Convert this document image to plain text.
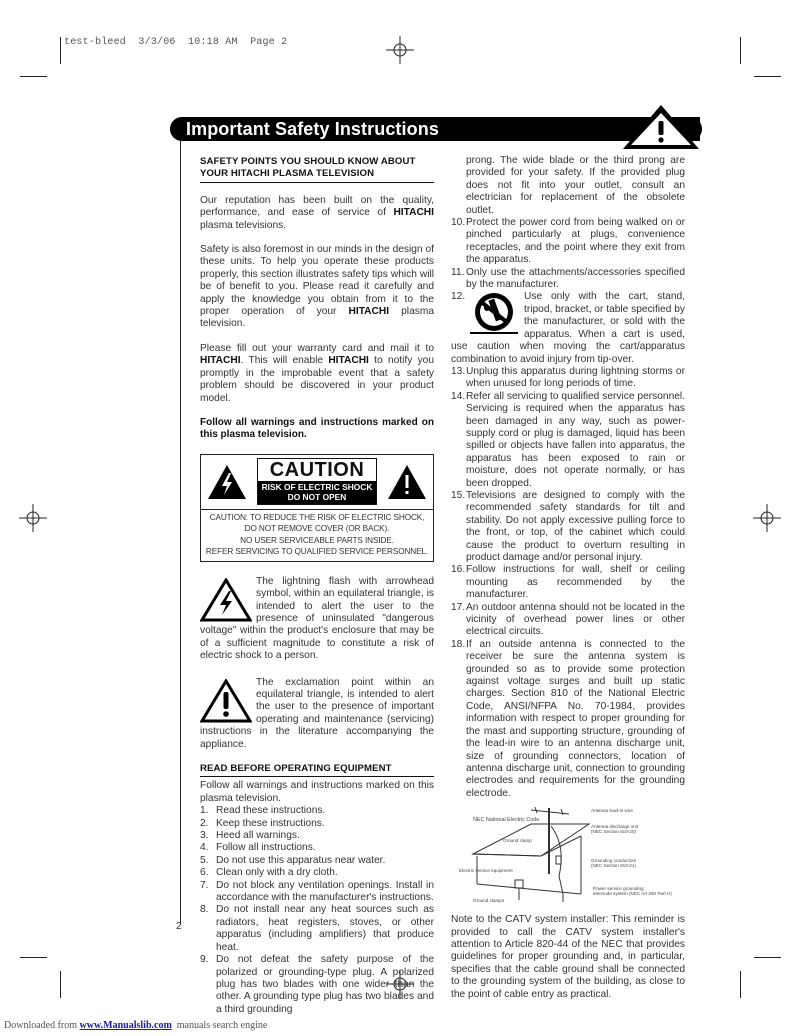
test-bleed 3/3/06 10:18 AM Page 2
Important Safety Instructions
2
SAFETY POINTS YOU SHOULD KNOW ABOUT YOUR HITACHI PLASMA TELEVISION

Our reputation has been built on the quality, performance, and ease of service of HITACHI plasma televisions.

Safety is also foremost in our minds in the design of these units. To help you operate these products properly, this section illustrates safety tips which will be of benefit to you. Please read it carefully and apply the knowledge you obtain from it to the proper operation of your HITACHI plasma television.

Please fill out your warranty card and mail it to HITACHI. This will enable HITACHI to notify you promptly in the improbable event that a safety problem should be discovered in your product model.

Follow all warnings and instructions marked on this plasma television.

CAUTION
RISK OF ELECTRIC SHOCK
DO NOT OPEN
CAUTION: TO REDUCE THE RISK OF ELECTRIC SHOCK,
DO NOT REMOVE COVER (OR BACK).
NO USER SERVICEABLE PARTS INSIDE.
REFER SERVICING TO QUALIFIED SERVICE PERSONNEL.

The lightning flash with arrowhead symbol, within an equilateral triangle, is intended to alert the user to the presence of uninsulated "dangerous voltage" within the product's enclosure that may be of a sufficient magnitude to constitute a risk of electric shock to a person.

The exclamation point within an equilateral triangle, is intended to alert the user to the presence of important operating and maintenance (servicing) instructions in the literature accompanying the appliance.

READ BEFORE OPERATING EQUIPMENT

Follow all warnings and instructions marked on this plasma television.

1. Read these instructions.
2. Keep these instructions.
3. Heed all warnings.
4. Follow all instructions.
5. Do not use this apparatus near water.
6. Clean only with a dry cloth.
7. Do not block any ventilation openings. Install in accordance with the manufacturer's instructions.
8. Do not install near any heat sources such as radiators, heat registers, stoves, or other apparatus (including amplifiers) that produce heat.
9. Do not defeat the safety purpose of the polarized or grounding-type plug. A polarized plug has two blades with one wider than the other. A grounding type plug has two blades and a third grounding

prong. The wide blade or the third prong are provided for your safety. If the provided plug does not fit into your outlet, consult an electrician for replacement of the obsolete outlet.

10. Protect the power cord from being walked on or pinched particularly at plugs, convenience receptacles, and the point where they exit from the apparatus.
11. Only use the attachments/accessories specified by the manufacturer.
12.	Use only with the cart, stand, tripod, bracket, or table specified by the manufacturer, or sold with the apparatus. When a cart is used, use caution when moving the cart/apparatus combination to avoid injury from tip-over.

13. Unplug this apparatus during lightning storms or when unused for long periods of time.
14. Refer all servicing to qualified service personnel. Servicing is required when the apparatus has been damaged in any way, such as power-supply cord or plug is damaged, liquid has been spilled or objects have fallen into apparatus, the apparatus has been exposed to rain or moisture, does not operate normally, or has been dropped.
15. Televisions are designed to comply with the recommended safety standards for tilt and stability. Do not apply excessive pulling force to the front, or top, of the cabinet which could cause the product to overturn resulting in product damage and/or personal injury.
16. Follow instructions for wall, shelf or ceiling mounting as recommended by the manufacturer.
17. An outdoor antenna should not be located in the vicinity of overhead power lines or other electrical circuits.
18. If an outside antenna is connected to the receiver be sure the antenna system is grounded so as to provide some protection against voltage surges and built up static charges. Section 810 of the National Electric Code, ANSI/NFPA No. 70-1984, provides information with respect to proper grounding for the mast and supporting structure, grounding of the lead-in wire to an antenna discharge unit, size of grounding connectors, location of antenna discharge unit, connection to grounding electrodes and requirements for the grounding electrode.
NEC National Electric Code
Antenna lead-in wire
Antenna discharge unit
(NEC Section 810-20)
Ground clamp
Grounding conductors
(NEC Section 810-21)
Electric service equipment
Power service grounding
electrode system (NEC Art 250 Part H)
Ground clamps

Note to the CATV system installer: This reminder is provided to call the CATV system installer's attention to Article 820-44 of the NEC that provides guidelines for proper grounding and, in particular, specifies that the cable ground shall be connected to the grounding system of the building, as close to the point of cable entry as practical.

Downloaded from www.Manualslib.com  manuals search engine
